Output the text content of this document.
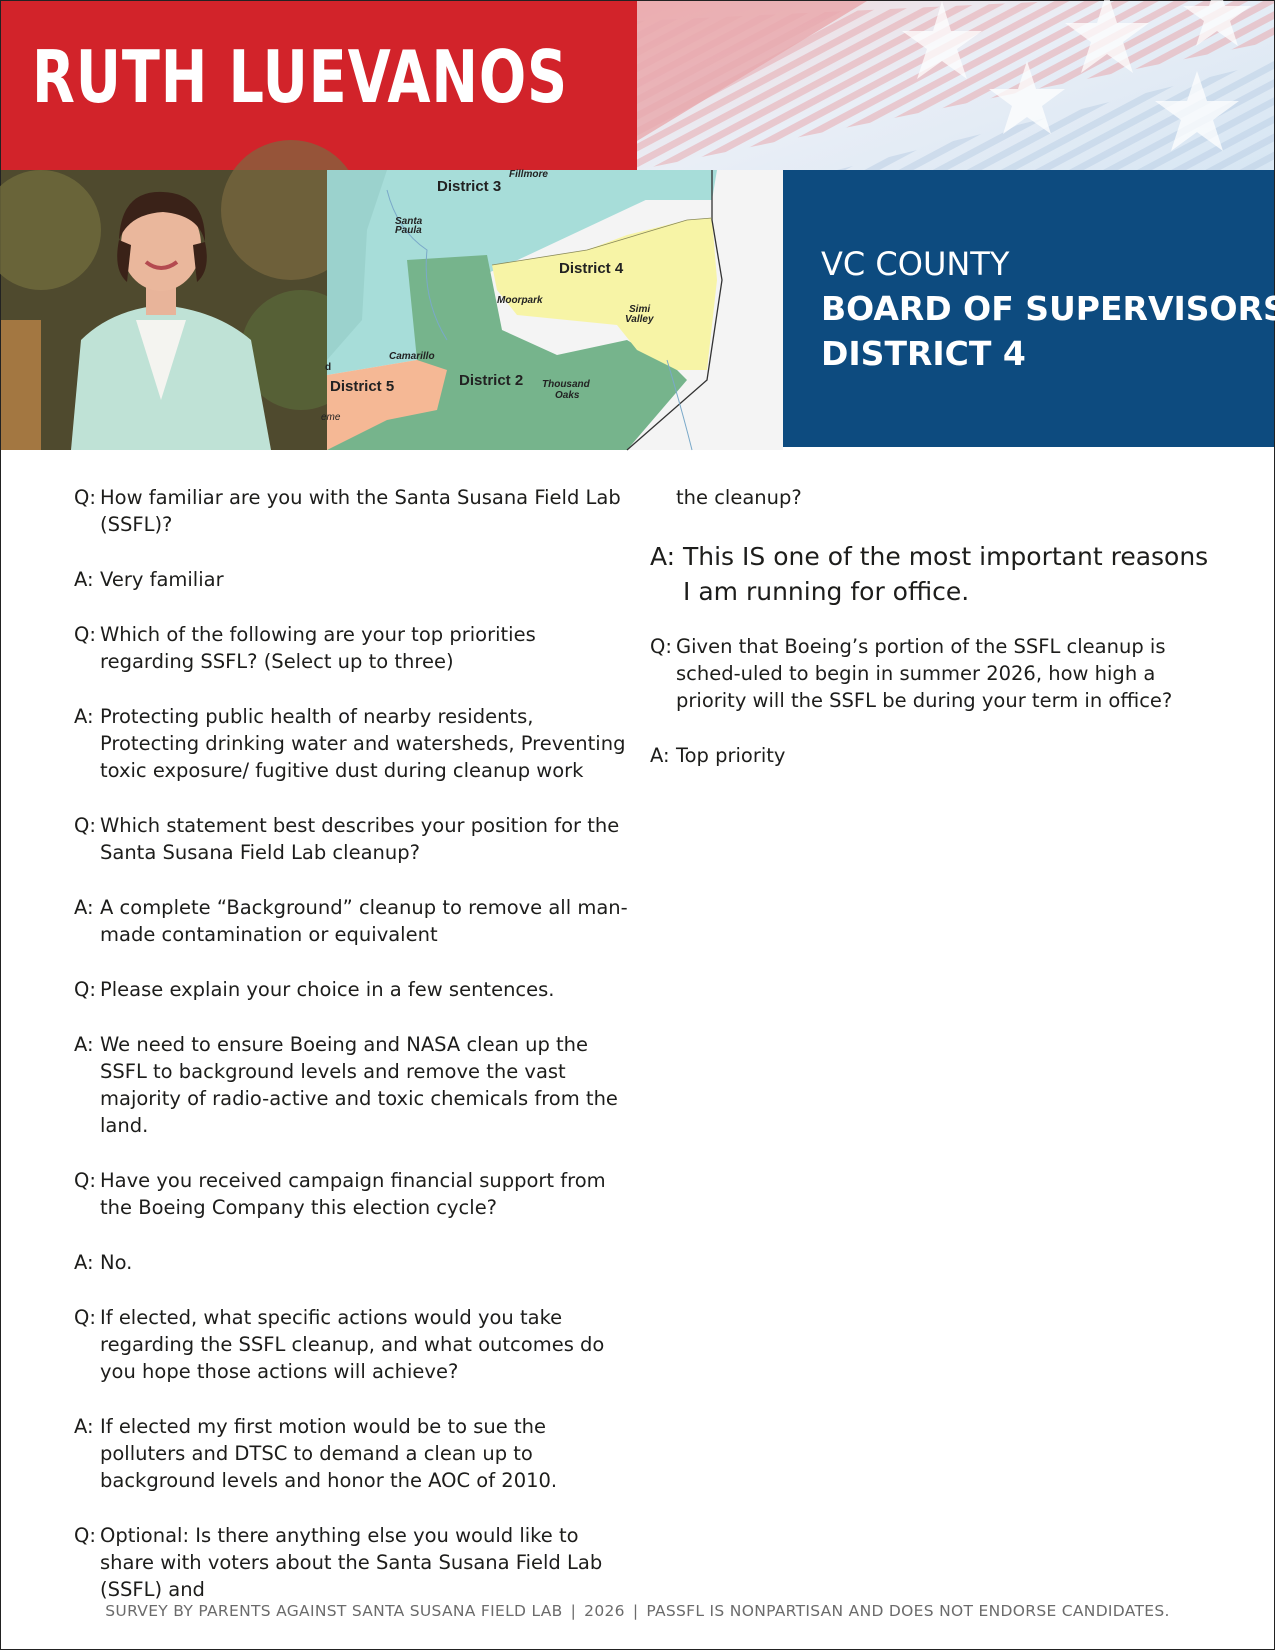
RUTH LUEVANOS
District 3
Fillmore
Santa
Paula
District 4
Moorpark
Simi
Valley
Camarillo
District 5	District 2 Thousand
Oaks
d
eme
VC COUNTY
BOARD OF SUPERVISORS
DISTRICT 4

Q: How familiar are you with the Santa Susana Field Lab (SSFL)?

A: Very familiar

Q: Which of the following are your top priorities regarding SSFL? (Select up to three)

A: Protecting public health of nearby residents, Protecting drinking water and watersheds, Preventing toxic exposure/ fugitive dust during cleanup work

Q: Which statement best describes your position for the Santa Susana Field Lab cleanup?

A: A complete “Background” cleanup to remove all man-made contamination or equivalent

Q: Please explain your choice in a few sentences.

A: We need to ensure Boeing and NASA clean up the SSFL to background levels and remove the vast majority of radio-active and toxic chemicals from the land.

Q: Have you received campaign financial support from the Boeing Company this election cycle?

A: No.

Q: If elected, what specific actions would you take regarding the SSFL cleanup, and what outcomes do you hope those actions will achieve?

A: If elected my first motion would be to sue the polluters and DTSC to demand a clean up to background levels and honor the AOC of 2010.

Q: Optional: Is there anything else you would like to share with voters about the Santa Susana Field Lab (SSFL) and

the cleanup?

A: This IS one of the most important reasons I am running for office.

Q: Given that Boeing’s portion of the SSFL cleanup is sched-uled to begin in summer 2026, how high a priority will the SSFL be during your term in office?

A: Top priority

SURVEY BY PARENTS AGAINST SANTA SUSANA FIELD LAB | 2026 | PASSFL IS NONPARTISAN AND DOES NOT ENDORSE CANDIDATES.
